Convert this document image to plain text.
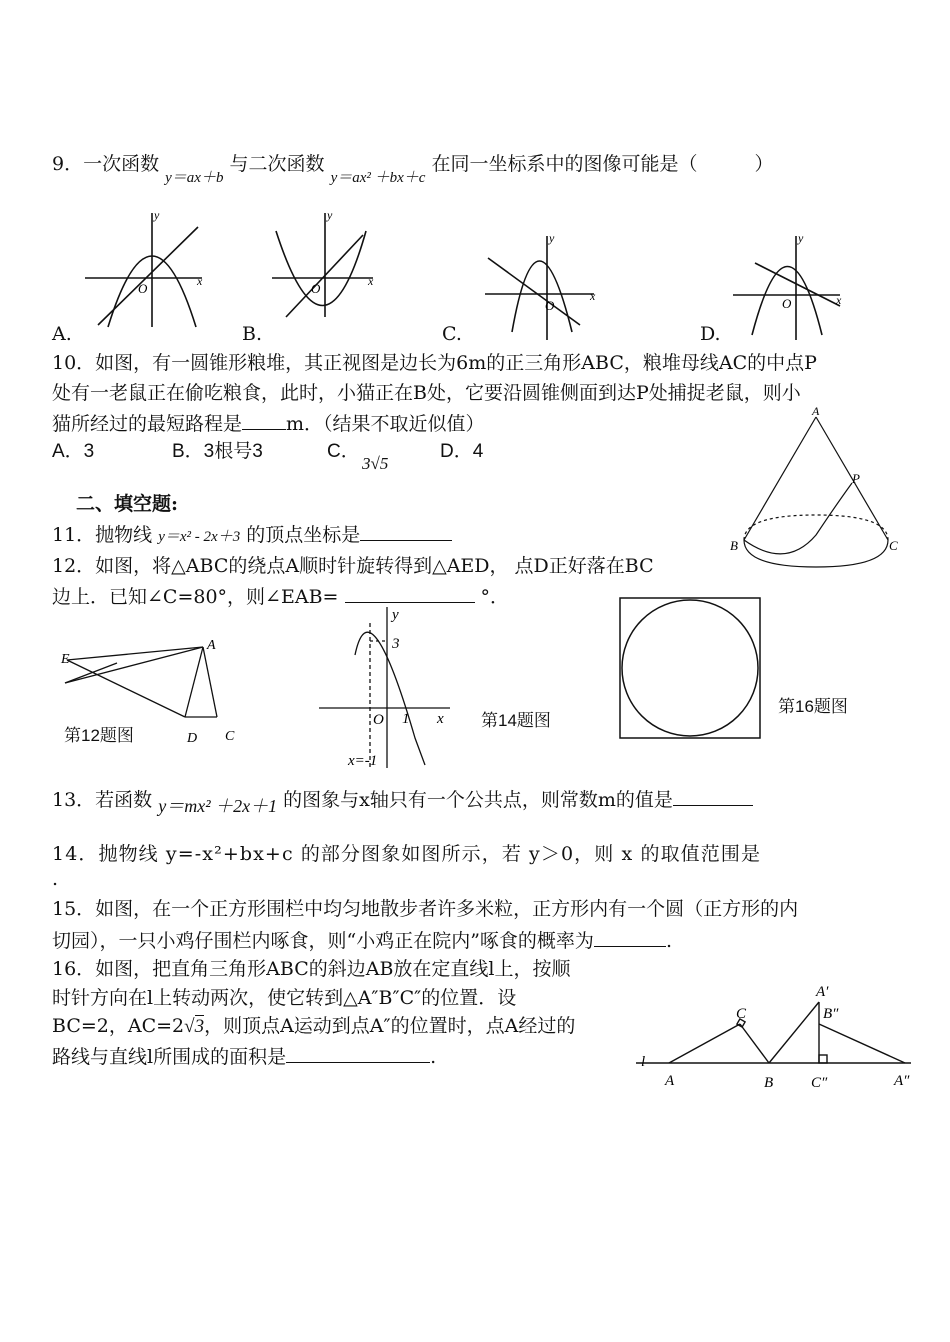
9．一次函数 $_{y=ax+b}$ 与二次函数 $_{y=ax^2 +bx+c}$ 在同一坐标系中的图像可能是（　　　）
y
x
O
y
x
O
y
x
O
y
x
O
A.	B.	C.	D.
10．如图，有一圆锥形粮堆，其正视图是边长为6m的正三角形ABC，粮堆母线AC的中点P
处有一老鼠正在偷吃粮食，此时，小猫正在B处，它要沿圆锥侧面到达P处捕捉老鼠，则小
猫所经过的最短路程是 m．（结果不取近似值）
A．3	B．3根号3	C．
3√5
D．4
A
B	C
P
二、填空题:
11．抛物线 y＝x² - 2x＋3 的顶点坐标是
12．如图，将△ABC的绕点A顺时针旋转得到△AED， 点D正好落在BC
边上．已知∠C=80°，则∠EAB=	°．
E
A
D C
第12题图
y
x
O
3
1
x=-1
第14题图
第16题图
13．若函数 y＝mx² ＋2x＋1 的图象与x轴只有一个公共点，则常数m的值是
14．抛物线 y=-x²+bx+c 的部分图象如图所示，若 y＞0，则 x 的取值范围是
.
15．如图，在一个正方形围栏中均匀地散步者许多米粒，正方形内有一个圆（正方形的内
切园），一只小鸡仔围栏内啄食，则“小鸡正在院内”啄食的概率为	.
16．如图，把直角三角形ABC的斜边AB放在定直线l上，按顺
时针方向在l上转动两次，使它转到△A″B″C″的位置．设
BC=2，AC=2√3，则顶点A运动到点A″的位置时，点A经过的
路线与直线l所围成的面积是	.	l
A	B
C
A′
B″
C″	A″
